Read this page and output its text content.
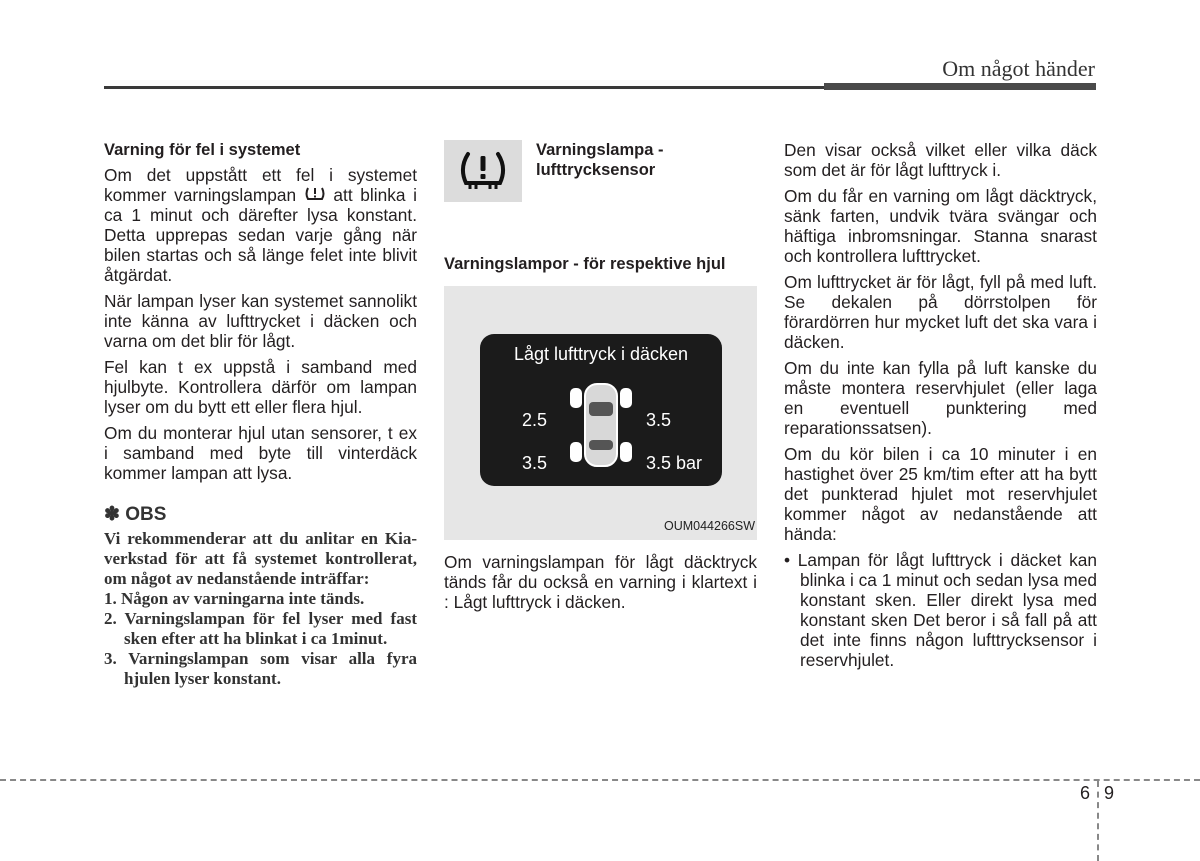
Om något händer
Varning för fel i systemet

Om det uppstått ett fel i systemet kommer varningslampan att blinka i ca 1 minut och därefter lysa konstant. Detta upprepas sedan varje gång när bilen startas och så länge felet inte blivit åtgärdat.

När lampan lyser kan systemet sannolikt inte känna av lufttrycket i däcken och varna om det blir för lågt.

Fel kan t ex uppstå i samband med hjulbyte. Kontrollera därför om lampan lyser om du bytt ett eller flera hjul.

Om du monterar hjul utan sensorer, t ex i samband med byte till vinterdäck kommer lampan att lysa.

✽ OBS

Vi rekommenderar att du anlitar en Kia-verkstad för att få systemet kontrollerat, om något av nedanstående inträffar:

1. Någon av varningarna inte tänds.
2. Varningslampan för fel lyser med fast sken efter att ha blinkat i ca 1minut.
3. Varningslampan som visar alla fyra hjulen lyser konstant.
Varningslampa - lufttrycksensor
Varningslampor - för respektive hjul
Lågt lufttryck i däcken
2.5	3.5
3.5	3.5 bar
OUM044266SW

Om varningslampan för lågt däcktryck tänds får du också en varning i klartext i : Lågt lufttryck i däcken.

Den visar också vilket eller vilka däck som det är för lågt lufttryck i.

Om du får en varning om lågt däcktryck, sänk farten, undvik tvära svängar och häftiga inbromsningar. Stanna snarast och kontrollera lufttrycket.

Om lufttrycket är för lågt, fyll på med luft. Se dekalen på dörrstolpen för förardörren hur mycket luft det ska vara i däcken.

Om du inte kan fylla på luft kanske du måste montera reservhjulet (eller laga en eventuell punktering med reparationssatsen).

Om du kör bilen i ca 10 minuter i en hastighet över 25 km/tim efter att ha bytt det punkterad hjulet mot reservhjulet kommer något av nedanstående att hända:

• Lampan för lågt lufttryck i däcket kan blinka i ca 1 minut och sedan lysa med konstant sken. Eller direkt lysa med konstant sken Det beror i så fall på att det inte finns någon lufttrycksensor i reservhjulet.
6 9
